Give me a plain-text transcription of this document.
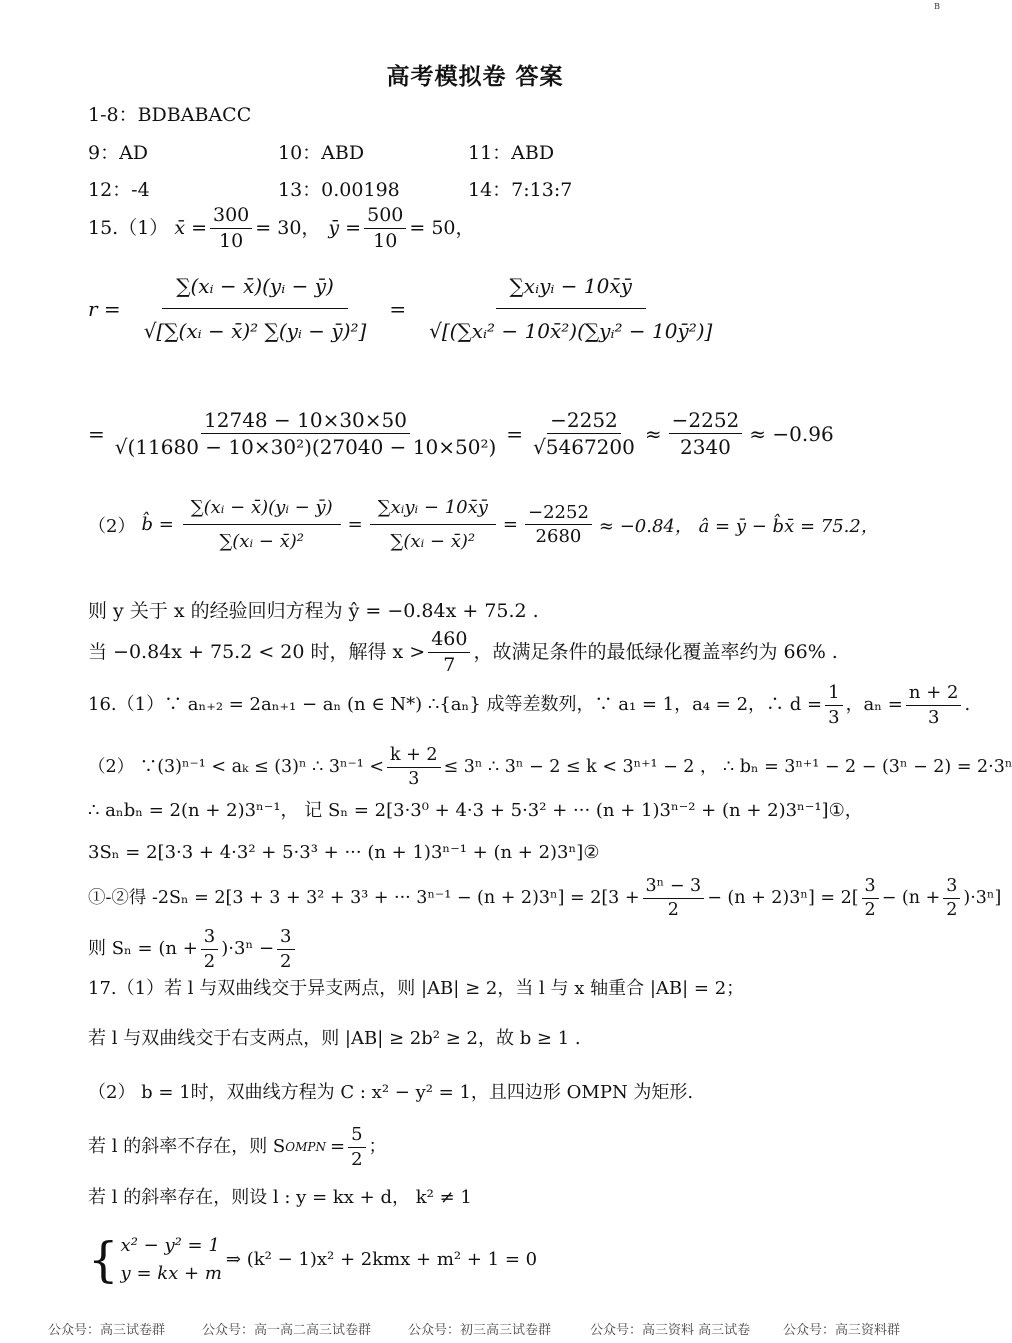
B
高考模拟卷 答案
1-8：BDBABACC
9：AD	10：ABD	11：ABD
12：-4	13：0.00198	14：7:13:7
15.（1） x̄ = $\frac{300}{10} = 30$， ȳ = $\frac{500}{10} = 50$，
$r = \frac{\text{∑(xᵢ − x̄)(yᵢ − ȳ)}}{\text{√[∑(xᵢ − x̄)² ∑(yᵢ − ȳ)²]}} = \frac{\text{∑xᵢyᵢ − 10x̄ȳ}}{\text{√[(∑xᵢ² − 10x̄²)(∑yᵢ² − 10ȳ²)]}}$
= $\frac{12748 - 10\times 30\times 50}{\text{√(11680 − 10×30²)(27040 − 10×50²)}} = \frac{-2252}{√5467200} \approx \frac{-2252}{2340} \approx -0.96$
（2） b̂ = $\frac{\text{∑(xᵢ − x̄)(yᵢ − ȳ)}}{\text{∑(xᵢ − x̄)²}} = \frac{\text{∑xᵢyᵢ − 10x̄ȳ}}{\text{∑(xᵢ − x̄)²}} = \frac{-2252}{2680} \approx -0.84$， â = ȳ − b̂x̄ = 75.2，
则 y 关于 x 的经验回归方程为 ŷ = −0.84x + 75.2 .
当 −0.84x + 75.2 < 20 时，解得 $x > \frac{460}{7}$ ，故满足条件的最低绿化覆盖率约为 66% .
16.（1）∵ aₙ₊₂ = 2aₙ₊₁ − aₙ (n ∈ N*) ∴{aₙ} 成等差数列，∵ a₁ = 1，a₄ = 2，∴ $d = \frac{1}{3}$ ，$a_n = \frac{n + 2}{3}$ .
（2） ∵(3)ⁿ⁻¹ < aₖ ≤ (3)ⁿ ∴ $3^{n-1} < \frac{k + 2}{3} \le 3^n$ ∴ 3ⁿ − 2 ≤ k < 3ⁿ⁺¹ − 2 ， ∴ bₙ = 3ⁿ⁺¹ − 2 − (3ⁿ − 2) = 2·3ⁿ
∴ aₙbₙ = 2(n + 2)3ⁿ⁻¹， 记 Sₙ = 2[3·3⁰ + 4·3 + 5·3² + ··· (n + 1)3ⁿ⁻² + (n + 2)3ⁿ⁻¹]①，
3Sₙ = 2[3·3 + 4·3² + 5·3³ + ··· (n + 1)3ⁿ⁻¹ + (n + 2)3ⁿ]②
①-②得 -2Sₙ = 2[3 + 3 + 3² + 3³ + ··· $3^{n-1} - (n + 2)3^n] = 2[3 + \frac{\text{3ⁿ − 3}}{2} - (n + 2)3^n] = 2[ \frac{3}{2} - (n + \frac{3}{2} )\cdot 3^n]$
则 $S_n = (n + \frac{3}{2} )\cdot 3^n - \frac{3}{2}$
17.（1）若 l 与双曲线交于异支两点，则 |AB| ≥ 2，当 l 与 x 轴重合 |AB| = 2；
若 l 与双曲线交于右支两点，则 |AB| ≥ 2b² ≥ 2，故 b ≥ 1 .
（2） b = 1时，双曲线方程为 C : x² − y² = 1，且四边形 OMPN 为矩形.
若 l 的斜率不存在，则 S OMPN = $\frac{5}{2}$ ；
若 l 的斜率存在，则设 l : y = kx + d， k² ≠ 1
{ x² − y² = 1
y = kx + m
⇒ (k² − 1)x² + 2kmx + m² + 1 = 0
公众号：高三试卷群	公众号：高一高二高三试卷群	公众号：初三高三试卷群	公众号：高三资料 高三试卷	公众号：高三资料群
